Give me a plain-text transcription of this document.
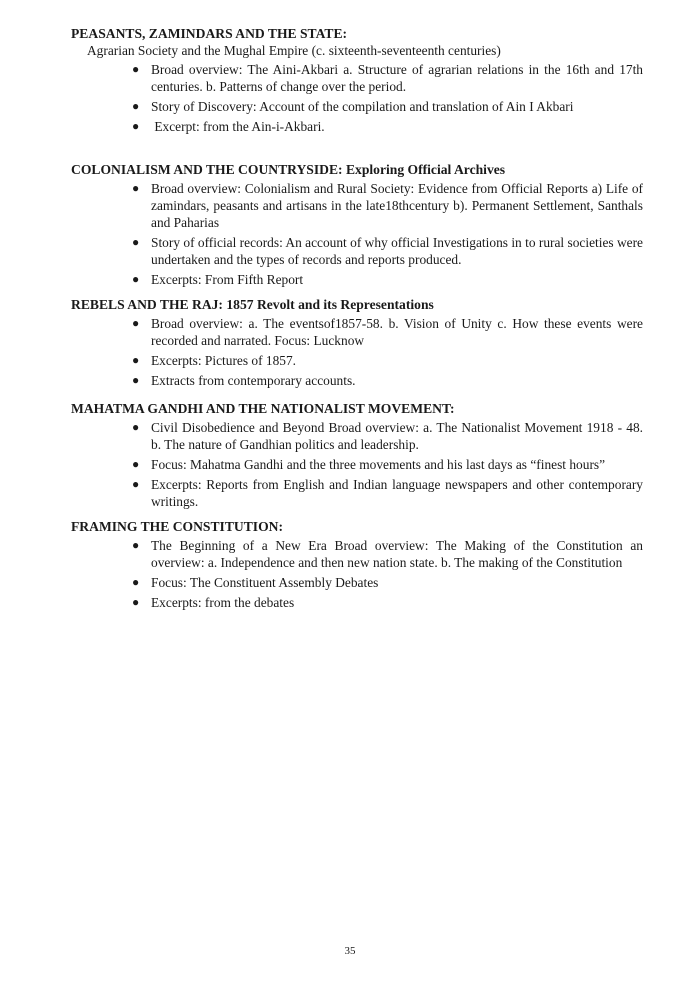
PEASANTS, ZAMINDARS AND THE STATE:

Agrarian Society and the Mughal Empire (c. sixteenth-seventeenth centuries)

● Broad overview: The Aini-Akbari a. Structure of agrarian relations in the 16th and 17th centuries. b. Patterns of change over the period.
● Story of Discovery: Account of the compilation and translation of Ain I Akbari
● Excerpt: from the Ain-i-Akbari.

COLONIALISM AND THE COUNTRYSIDE: Exploring Official Archives

● Broad overview: Colonialism and Rural Society: Evidence from Official Reports a) Life of zamindars, peasants and artisans in the late18thcentury b). Permanent Settlement, Santhals and Paharias
● Story of official records: An account of why official Investigations in to rural societies were undertaken and the types of records and reports produced.
● Excerpts: From Fifth Report

REBELS AND THE RAJ: 1857 Revolt and its Representations

● Broad overview: a. The eventsof1857-58. b. Vision of Unity c. How these events were recorded and narrated. Focus: Lucknow
● Excerpts: Pictures of 1857.
● Extracts from contemporary accounts.

MAHATMA GANDHI AND THE NATIONALIST MOVEMENT:

● Civil Disobedience and Beyond Broad overview: a. The Nationalist Movement 1918 - 48. b. The nature of Gandhian politics and leadership.
● Focus: Mahatma Gandhi and the three movements and his last days as “finest hours”
● Excerpts: Reports from English and Indian language newspapers and other contemporary writings.

FRAMING THE CONSTITUTION:

● The Beginning of a New Era Broad overview: The Making of the Constitution an overview: a. Independence and then new nation state. b. The making of the Constitution
● Focus: The Constituent Assembly Debates
● Excerpts: from the debates
35
